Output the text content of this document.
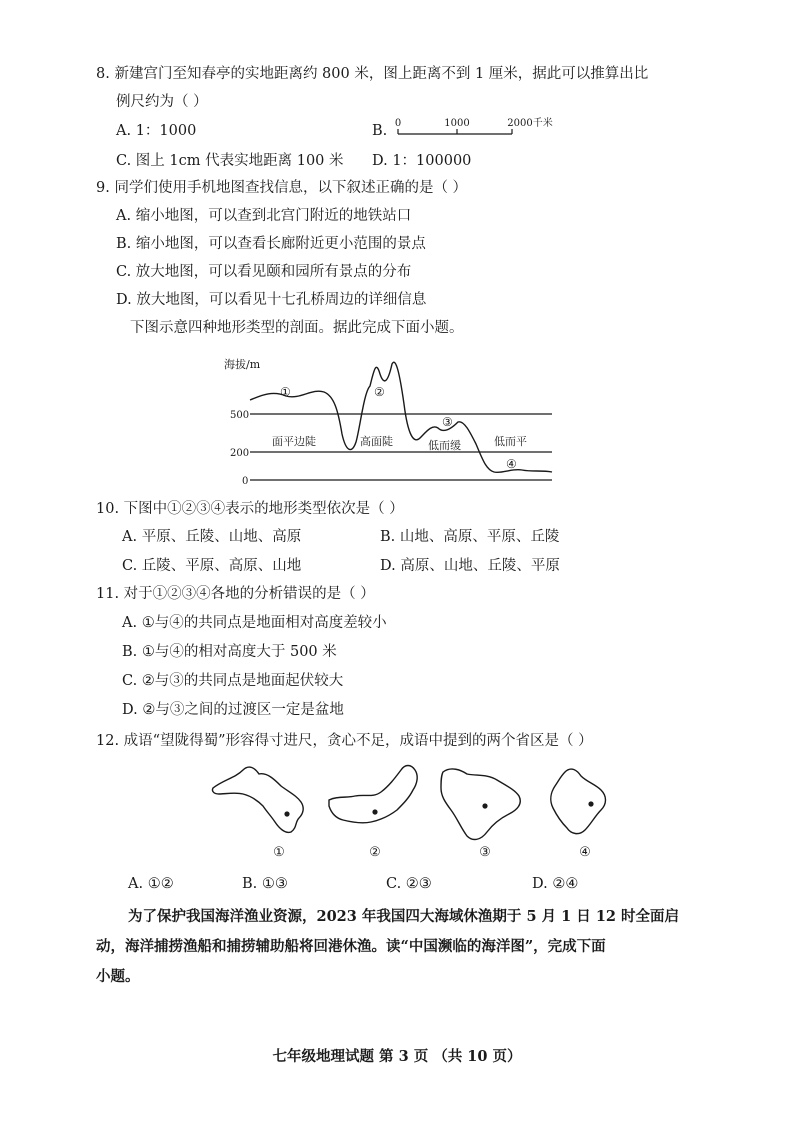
8. 新建宫门至知春亭的实地距离约 800 米，图上距离不到 1 厘米，据此可以推算出比
例尺约为（ ）
A. 1：1000	B. 0	1000	2000千米
C. 图上 1cm 代表实地距离 100 米 D. 1：100000
9. 同学们使用手机地图查找信息，以下叙述正确的是（ ）
A. 缩小地图，可以查到北宫门附近的地铁站口
B. 缩小地图，可以查看长廊附近更小范围的景点
C. 放大地图，可以看见颐和园所有景点的分布
D. 放大地图，可以看见十七孔桥周边的详细信息
下图示意四种地形类型的剖面。据此完成下面小题。
海拔/m
500
200
0
①	②
③
④
面平边陡	高面陡	低而缓	低而平
10. 下图中①②③④表示的地形类型依次是（ ）
A. 平原、丘陵、山地、高原	B. 山地、高原、平原、丘陵
C. 丘陵、平原、高原、山地	D. 高原、山地、丘陵、平原
11. 对于①②③④各地的分析错误的是（ ）
A. ①与④的共同点是地面相对高度差较小
B. ①与④的相对高度大于 500 米
C. ②与③的共同点是地面起伏较大
D. ②与③之间的过渡区一定是盆地
12. 成语“望陇得蜀”形容得寸进尺，贪心不足，成语中提到的两个省区是（ ）
①	②	③	④
A. ①②	B. ①③	C. ②③	D. ②④
为了保护我国海洋渔业资源，2023 年我国四大海域休渔期于 5 月 1 日 12 时全面启
动，海洋捕捞渔船和捕捞辅助船将回港休渔。读“中国濒临的海洋图”，完成下面
小题。
七年级地理试题 第 3 页 （共 10 页）
